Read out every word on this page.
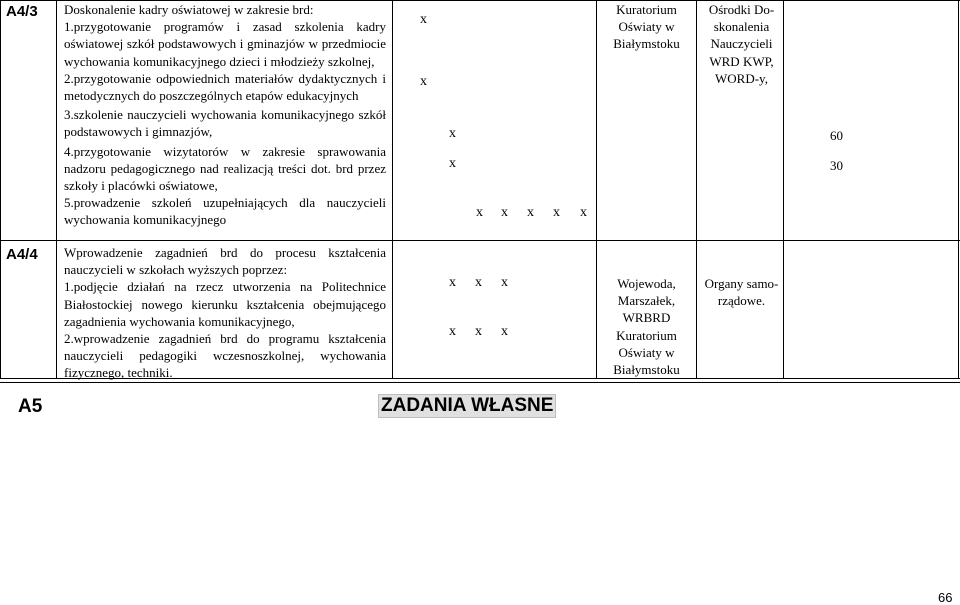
A4/3 Doskonalenie kadry oświatowej w zakresie brd:
1.przygotowanie programów i zasad szkolenia kadry oświatowej szkół podstawowych i gminazjów w przedmiocie wychowania komunikacyjnego dzieci i młodzieży szkolnej,
2.przygotowanie odpowiednich materiałów dydaktycznych i metodycznych do poszczególnych etapów edukacyjnych
3.szkolenie nauczycieli wychowania komunikacyjnego szkół podstawowych i gimnazjów,
4.przygotowanie wizytatorów w zakresie sprawowania nadzoru pedagogicznego nad realizacją treści dot. brd przez szkoły i placówki oświatowe,
5.prowadzenie szkoleń uzupełniających dla nauczycieli wychowania komunikacyjnego
x
x
x
x
x x x x x
Kuratorium
Oświaty w
Białymstoku
Ośrodki Do-
skonalenia
Nauczycieli
WRD KWP,
WORD-y,
60
30
A4/4 Wprowadzenie zagadnień brd do procesu kształcenia nauczycieli w szkołach wyższych poprzez:
1.podjęcie działań na rzecz utworzenia na Politechnice Białostockiej nowego kierunku kształcenia obejmującego zagadnienia wychowania komunikacyjnego,
2.wprowadzenie zagadnień brd do programu kształcenia nauczycieli pedagogiki wczesnoszkolnej, wychowania fizycznego, techniki.
x x x
x x x
Wojewoda,
Marszałek,
WRBRD
Kuratorium
Oświaty w
Białymstoku
Organy samo-
rządowe.
A5	ZADANIA WŁASNE
66
